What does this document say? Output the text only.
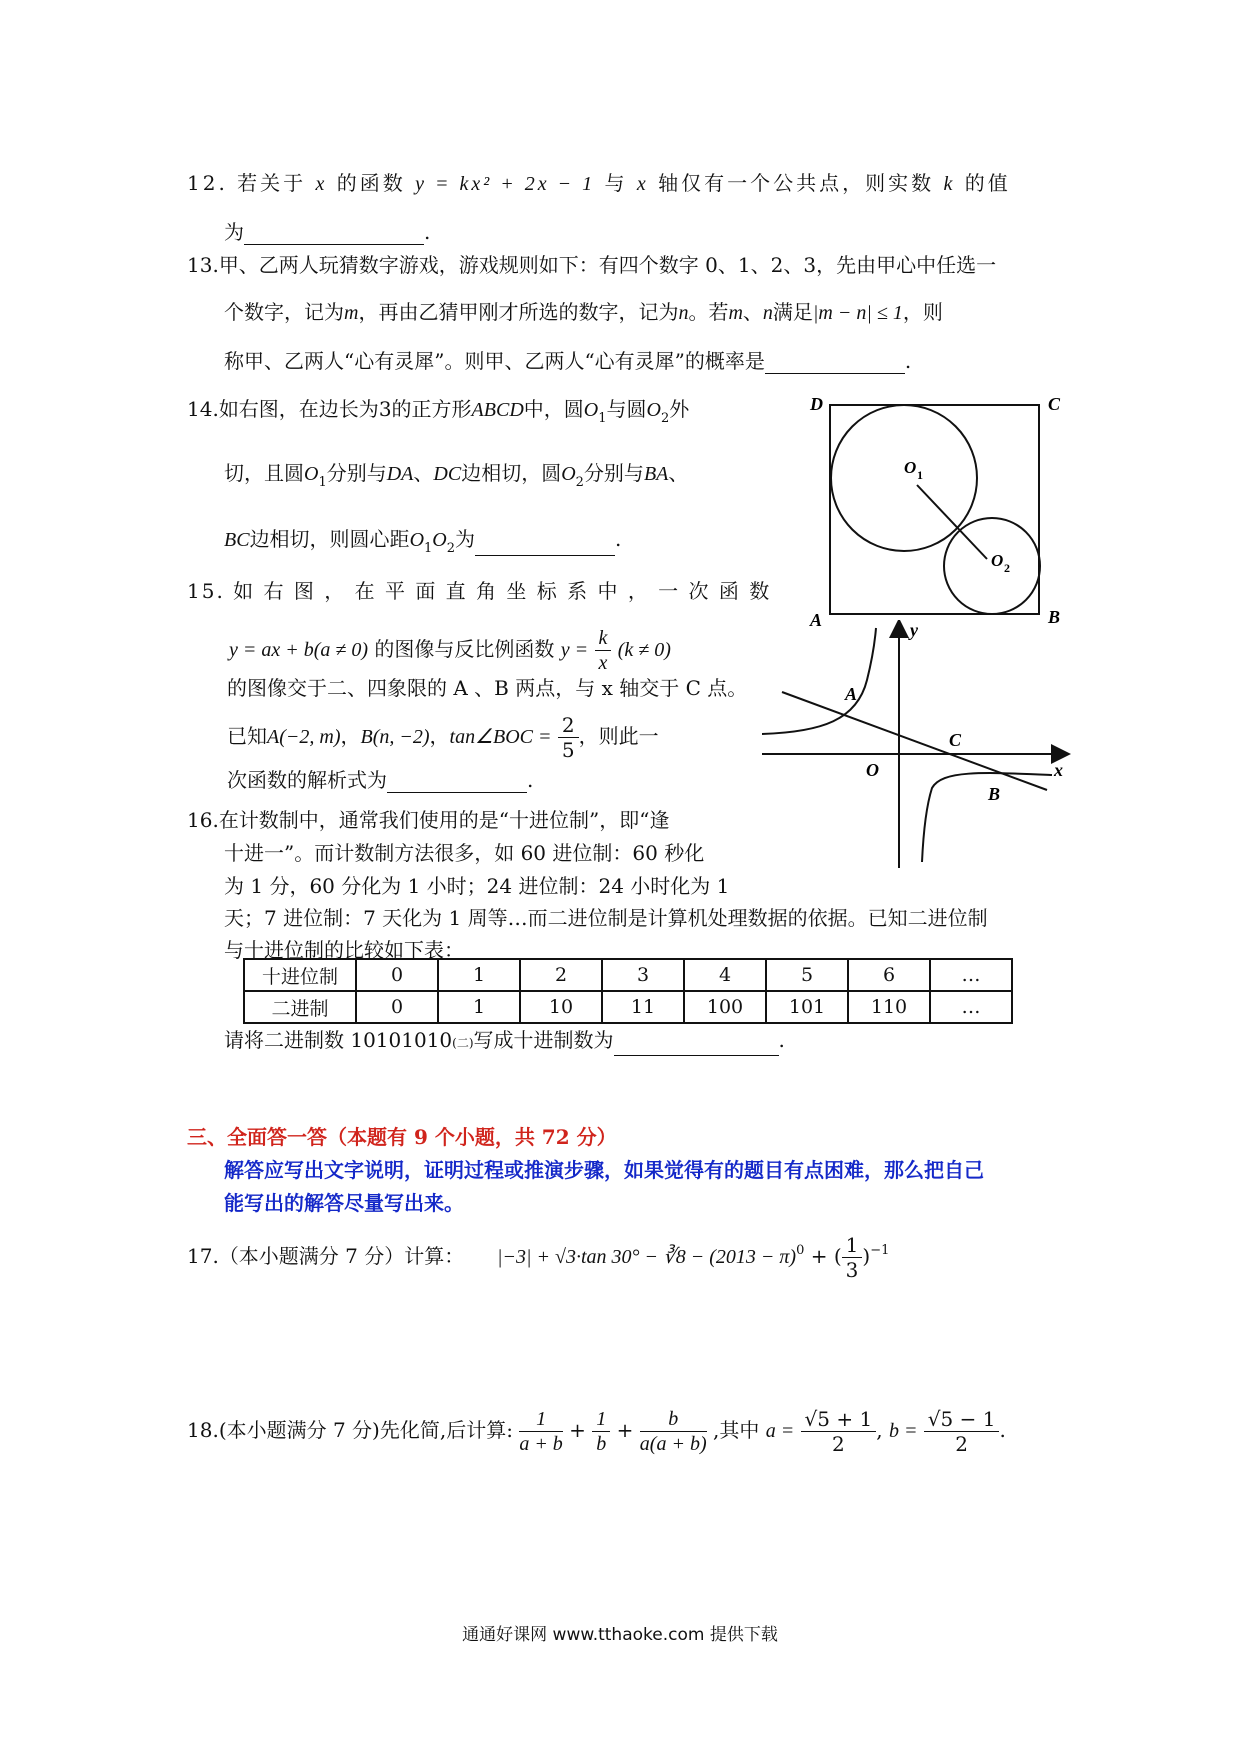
12. 若关于 x 的函数 y = kx² + 2x − 1 与 x 轴仅有一个公共点，则实数 k 的值
为	.
13.甲、乙两人玩猜数字游戏，游戏规则如下：有四个数字 0、1、2、3，先由甲心中任选一
个数字，记为m，再由乙猜甲刚才所选的数字，记为n。若m、n满足|m − n| ≤ 1，则
称甲、乙两人“心有灵犀”。则甲、乙两人“心有灵犀”的概率是	.
14.如右图，在边长为3的正方形ABCD中，圆$O_1$与圆$O_2$外
切，且圆$O_1$分别与DA、DC边相切，圆$O_2$分别与BA、
BC边相切，则圆心距$O_1O_2$为	.
D	C
A	B
O 1
O 2
15. 如 右 图 ， 在 平 面 直 角 坐 标 系 中 ， 一 次 函 数
y = ax + b(a ≠ 0) 的图像与反比例函数 $y = \frac{k}{x} (k \ne 0)$
的图像交于二、四象限的 A 、B 两点，与 x 轴交于 C 点。
已知A(−2, m)，B(n, −2)，tan∠BOC = $\frac{2}{5}$ ，则此一
次函数的解析式为	.
y
x
O
A
C
B
16.在计数制中，通常我们使用的是“十进位制”，即“逢
十进一”。而计数制方法很多，如 60 进位制：60 秒化
为 1 分，60 分化为 1 小时；24 进位制：24 小时化为 1
天；7 进位制：7 天化为 1 周等…而二进位制是计算机处理数据的依据。已知二进位制
与十进位制的比较如下表：
十进位制	0	1	2	3	4	5	6	…
二进制	0	1	10	11	100	101	110	…
请将二进制数 10101010(二)写成十进制数为	.
三、全面答一答（本题有 9 个小题，共 72 分）
解答应写出文字说明，证明过程或推演步骤，如果觉得有的题目有点困难，那么把自己
能写出的解答尽量写出来。
17.（本小题满分 7 分）计算： |−3| + √3·tan 30° − ∛8 − $(2013 - \pi)^0$ + ( $\frac{1}{3} )^{-1}$
18.(本小题满分 7 分)先化简,后计算: $\frac{1}{a + b} + \frac{1}{b} + \frac{b}{a(a + b)}$ ,其中 $a = \frac{√5 + 1}{2}$ , $b = \frac{√5 - 1}{2}$ .
通通好课网 www.tthaoke.com 提供下载
